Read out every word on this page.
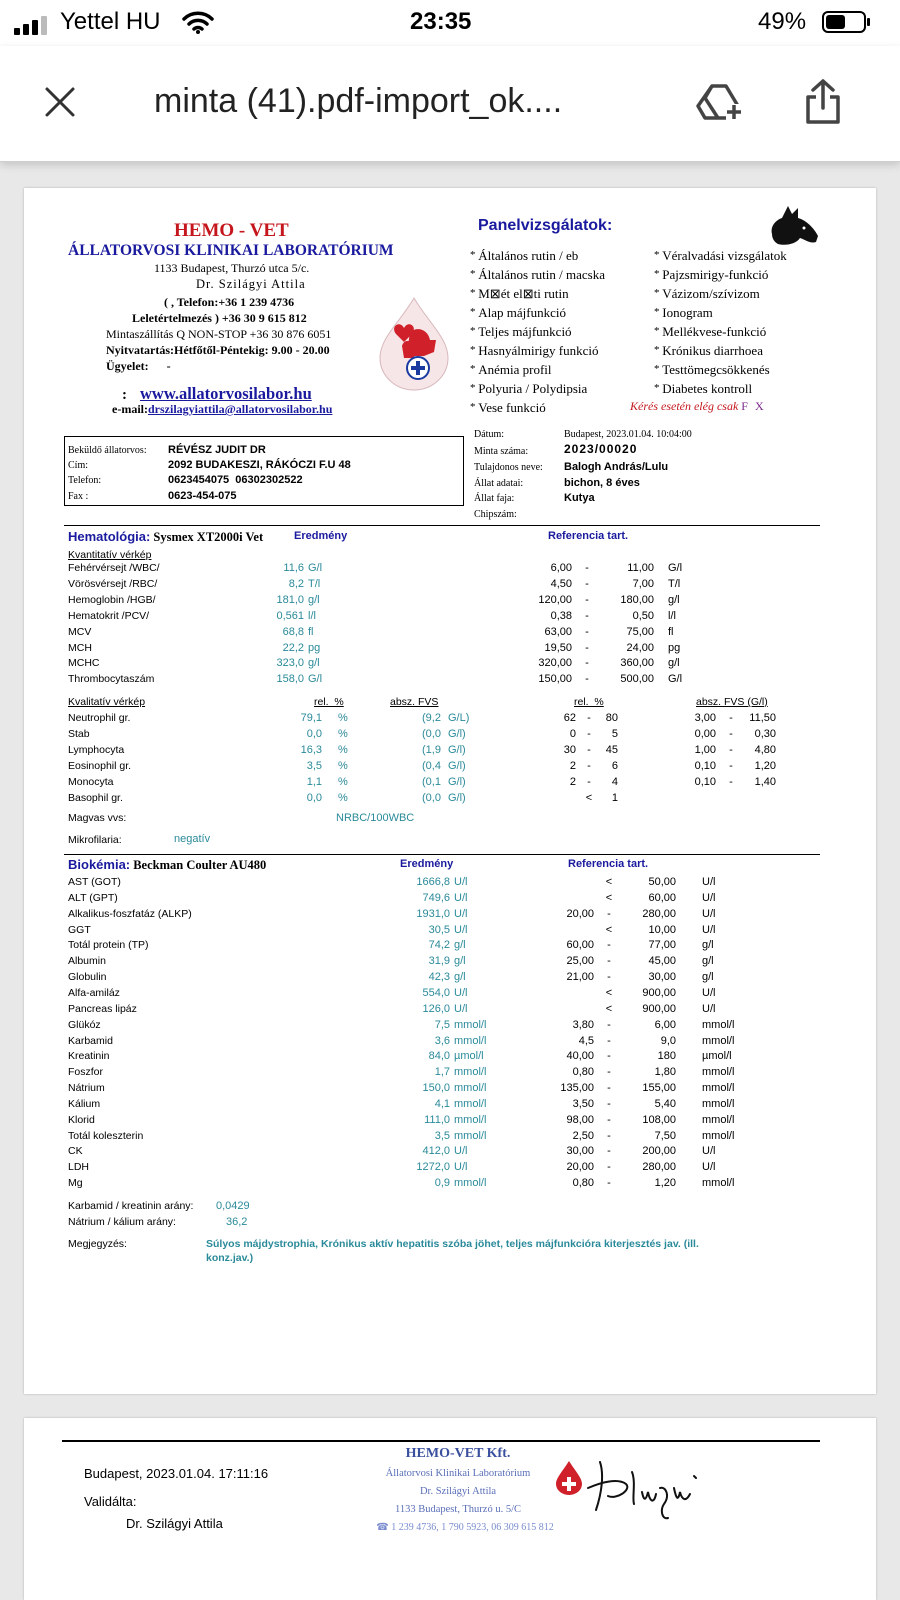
Yettel HU	23:35	49%
minta (41).pdf-import_ok....
HEMO - VET
ÁLLATORVOSI KLINIKAI LABORATÓRIUM
1133 Budapest, Thurzó utca 5/c.
Dr. Szilágyi Attila
( , Telefon:+36 1 239 4736
Leletértelmezés ) +36 30 9 615 812
Mintaszállítás Q NON-STOP +36 30 876 6051
Nyitvatartás:Hétfőtől-Péntekig: 9.00 - 20.00
Ügyelet:      -
: www.allatorvosilabor.hu
e-mail:drszilagyiattila@allatorvosilabor.hu
Panelvizsgálatok:
* Általános rutin / eb
* Általános rutin / macska
* M⊠ét el⊠ti rutin
* Alap májfunkció
* Teljes májfunkció
* Hasnyálmirigy funkció
* Anémia profil
* Polyuria / Polydipsia
* Vese funkció
* Véralvadási vizsgálatok
* Pajzsmirigy-funkció
* Vázizom/szívizom
* Ionogram
* Mellékvese-funkció
* Krónikus diarrhoea
* Testtömegcsökkenés
* Diabetes kontroll
Kérés esetén elég csak F X
Beküldő állatorvos: RÉVÉSZ JUDIT DR
Cím:	2092 BUDAKESZI, RÁKÓCZI F.U 48
Telefon:	0623454075  06302302522
Fax :	0623-454-075
Dátum:	Budapest, 2023.01.04. 10:04:00
Minta száma:	2023/00020
Tulajdonos neve: Balogh András/Lulu
Állat adatai:	bichon, 8 éves
Állat faja:	Kutya
Chipszám:
Hematológia: Sysmex XT2000i Vet	Eredmény	Referencia tart.
Kvantitatív vérkép
Fehérvérsejt /WBC/	11,6 G/l	6,00 -	11,00 G/l
Vörösvérsejt /RBC/	8,2 T/l	4,50 -	7,00 T/l
Hemoglobin /HGB/	181,0 g/l	120,00 -	180,00 g/l
Hematokrit /PCV/	0,561 l/l	0,38 -	0,50 l/l
MCV	68,8 fl	63,00 -	75,00 fl
MCH	22,2 pg	19,50 -	24,00 pg
MCHC	323,0 g/l	320,00 -	360,00 g/l
Thrombocytaszám	158,0 G/l	150,00 -	500,00 G/l
Kvalitatív vérkép	rel.  %	absz. FVS	rel.  %	absz. FVS (G/l)
Neutrophil gr.	79,1 %	(9,2 G/L)	62	-	80	3,00	-	11,50
Stab	0,0 %	(0,0 G/l)	0	-	5	0,00	-	0,30
Lymphocyta	16,3 %	(1,9 G/l)	30	-	45	1,00	-	4,80
Eosinophil gr.	3,5 %	(0,4 G/l)	2	-	6	0,10	-	1,20
Monocyta	1,1 %	(0,1 G/l)	2	-	4	0,10	-	1,40
Basophil gr.	0,0 %	(0,0 G/l)	<	1
Magvas vvs:	NRBC/100WBC
Mikrofilaria:	negatív
Biokémia: Beckman Coulter AU480	Eredmény	Referencia tart.
AST (GOT)	1666,8 U/l	<	50,00 U/l
ALT (GPT)	749,6 U/l	<	60,00 U/l
Alkalikus-foszfatáz (ALKP)	1931,0 U/l	20,00 -	280,00 U/l
GGT	30,5 U/l	<	10,00 U/l
Totál protein (TP)	74,2 g/l	60,00 -	77,00 g/l
Albumin	31,9 g/l	25,00 -	45,00 g/l
Globulin	42,3 g/l	21,00 -	30,00 g/l
Alfa-amiláz	554,0 U/l	<	900,00 U/l
Pancreas lipáz	126,0 U/l	<	900,00 U/l
Glükóz	7,5 mmol/l	3,80 -	6,00 mmol/l
Karbamid	3,6 mmol/l	4,5 -	9,0 mmol/l
Kreatinin	84,0 µmol/l	40,00 -	180 µmol/l
Foszfor	1,7 mmol/l	0,80 -	1,80 mmol/l
Nátrium	150,0 mmol/l	135,00 -	155,00 mmol/l
Kálium	4,1 mmol/l	3,50 -	5,40 mmol/l
Klorid	111,0 mmol/l	98,00 -	108,00 mmol/l
Totál koleszterin	3,5 mmol/l	2,50 -	7,50 mmol/l
CK	412,0 U/l	30,00 -	200,00 U/l
LDH	1272,0 U/l	20,00 -	280,00 U/l
Mg	0,9 mmol/l	0,80 -	1,20 mmol/l
Karbamid / kreatinin arány: 0,0429
Nátrium / kálium arány:	36,2
Megjegyzés:	Súlyos májdystrophia, Krónikus aktív hepatitis szóba jöhet, teljes májfunkcióra kiterjesztés jav. (ill.
konz.jav.)
Budapest, 2023.01.04. 17:11:16
Validálta:
Dr. Szilágyi Attila
HEMO-VET Kft.
Állatorvosi Klinikai Laboratórium
Dr. Szilágyi Attila
1133 Budapest, Thurzó u. 5/C
☎ 1 239 4736, 1 790 5923, 06 309 615 812
